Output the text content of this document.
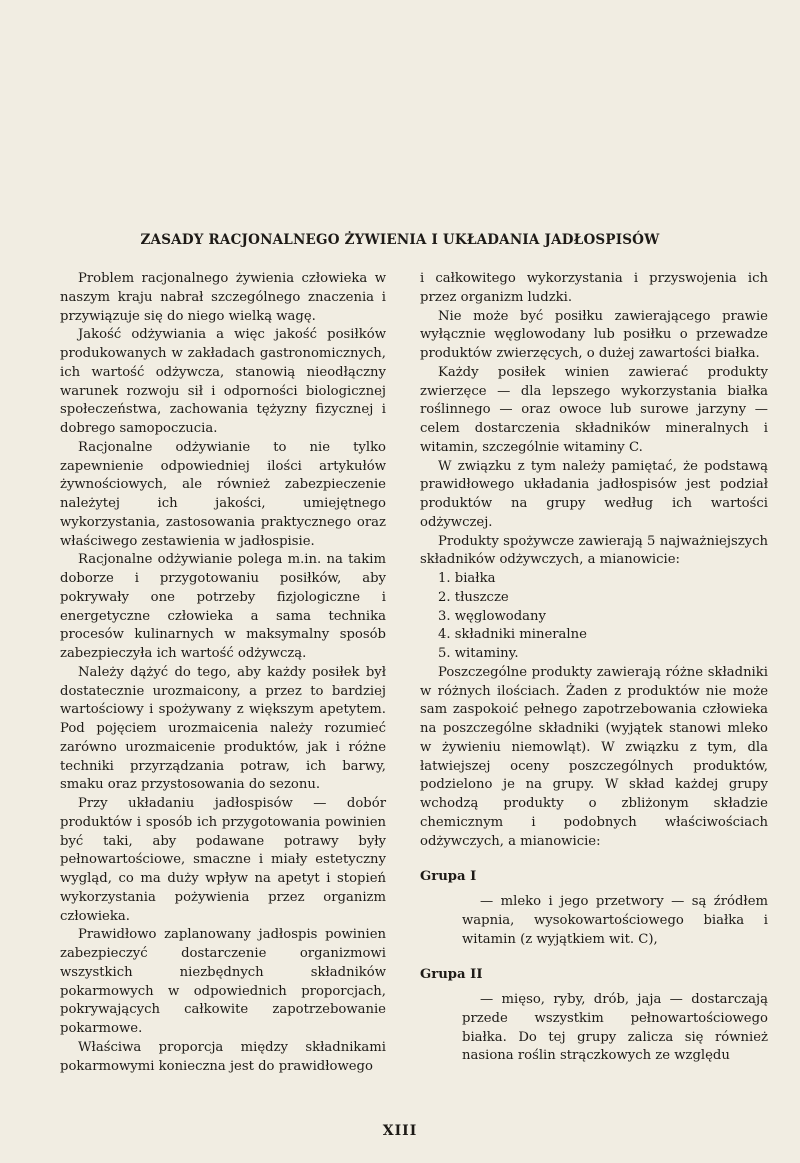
ZASADY RACJONALNEGO ŻYWIENIA I UKŁADANIA JADŁOSPISÓW

Problem racjonalnego żywienia człowieka w naszym kraju nabrał szczególnego znaczenia i przywiązuje się do niego wielką wagę.

Jakość odżywiania a więc jakość posiłków produkowanych w zakładach gastronomicznych, ich wartość odżywcza, stanowią nieodłączny warunek rozwoju sił i odporności biologicznej społeczeństwa, zachowania tężyzny fizycznej i dobrego samopoczucia.

Racjonalne odżywianie to nie tylko zapewnienie odpowiedniej ilości artykułów żywnościowych, ale również zabezpieczenie należytej ich jakości, umiejętnego wykorzystania, zastosowania praktycznego oraz właściwego zestawienia w jadłospisie.

Racjonalne odżywianie polega m.in. na takim doborze i przygotowaniu posiłków, aby pokrywały one potrzeby fizjologiczne i energetyczne człowieka a sama technika procesów kulinarnych w maksymalny sposób zabezpieczyła ich wartość odżywczą.

Należy dążyć do tego, aby każdy posiłek był dostatecznie urozmaicony, a przez to bardziej wartościowy i spożywany z większym apetytem. Pod pojęciem urozmaicenia należy rozumieć zarówno urozmaicenie produktów, jak i różne techniki przyrządzania potraw, ich barwy, smaku oraz przystosowania do sezonu.

Przy układaniu jadłospisów — dobór produktów i sposób ich przygotowania powinien być taki, aby podawane potrawy były pełnowartościowe, smaczne i miały estetyczny wygląd, co ma duży wpływ na apetyt i stopień wykorzystania pożywienia przez organizm człowieka.

Prawidłowo zaplanowany jadłospis powinien zabezpieczyć dostarczenie organizmowi wszystkich niezbędnych składników pokarmowych w odpowiednich proporcjach, pokrywających całkowite zapotrzebowanie pokarmowe.

Właściwa proporcja między składnikami pokarmowymi konieczna jest do prawidłowego

i całkowitego wykorzystania i przyswojenia ich przez organizm ludzki.

Nie może być posiłku zawierającego prawie wyłącznie węglowodany lub posiłku o przewadze produktów zwierzęcych, o dużej zawartości białka.

Każdy posiłek winien zawierać produkty zwierzęce — dla lepszego wykorzystania białka roślinnego — oraz owoce lub surowe jarzyny — celem dostarczenia składników mineralnych i witamin, szczególnie witaminy C.

W związku z tym należy pamiętać, że podstawą prawidłowego układania jadłospisów jest podział produktów na grupy według ich wartości odżywczej.

Produkty spożywcze zawierają 5 najważniejszych składników odżywczych, a mianowicie:

1. białka
2. tłuszcze
3. węglowodany
4. składniki mineralne
5. witaminy.

Poszczególne produkty zawierają różne składniki w różnych ilościach. Żaden z produktów nie może sam zaspokoić pełnego zapotrzebowania człowieka na poszczególne składniki (wyjątek stanowi mleko w żywieniu niemowląt). W związku z tym, dla łatwiejszej oceny poszczególnych produktów, podzielono je na grupy. W skład każdej grupy wchodzą produkty o zbliżonym składzie chemicznym i podobnych właściwościach odżywczych, a mianowicie:

Grupa I

— mleko i jego przetwory — są źródłem wapnia, wysokowartościowego białka i witamin (z wyjątkiem wit. C),

Grupa II

— mięso, ryby, drób, jaja — dostarczają przede wszystkim pełnowartościowego białka. Do tej grupy zalicza się również nasiona roślin strączkowych ze względu

XIII
